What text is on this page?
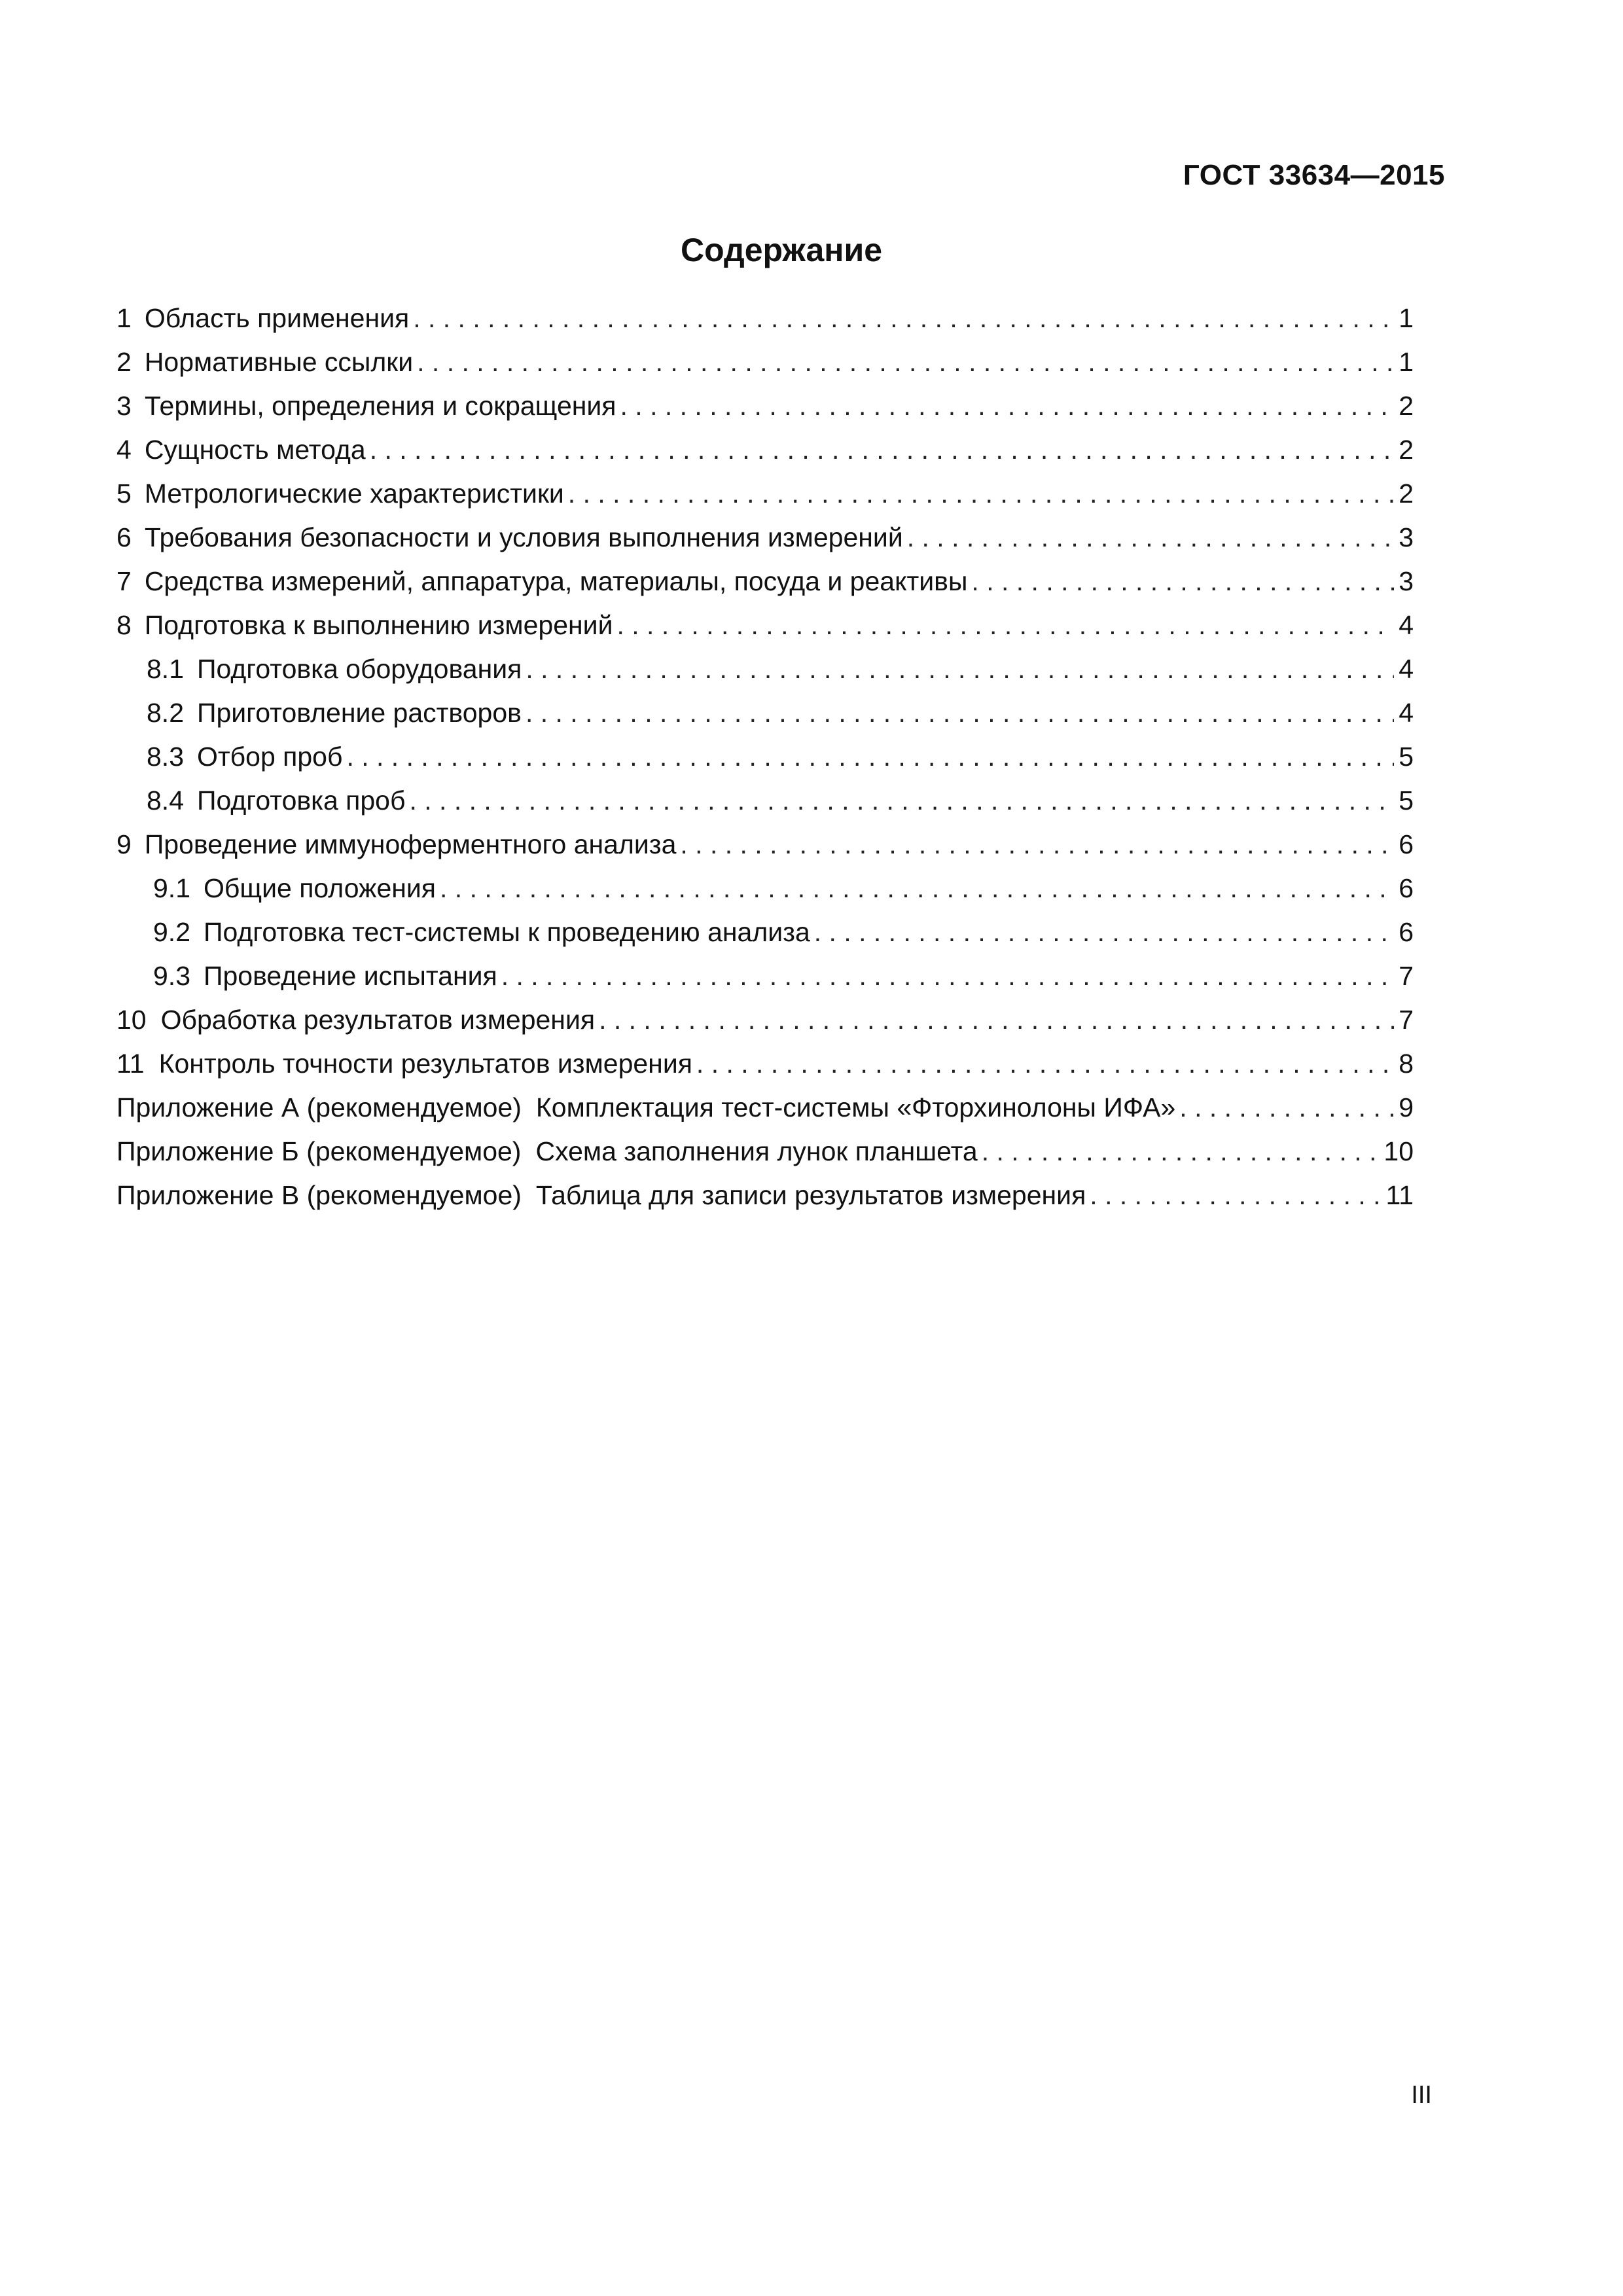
ГОСТ 33634—2015
Содержание
1 Область применения . . .	1
2 Нормативные ссылки . . .	1
3 Термины, определения и сокращения . . .	2
4 Сущность метода . . .	2
5 Метрологические характеристики . . .	2
6 Требования безопасности и условия выполнения измерений . . .	3
7 Средства измерений, аппаратура, материалы, посуда и реактивы . . .	3
8 Подготовка к выполнению измерений . . .	4
8.1 Подготовка оборудования . . .	4
8.2 Приготовление растворов . . .	4
8.3 Отбор проб . . .	5
8.4 Подготовка проб . . .	5
9 Проведение иммуноферментного анализа . . .	6
9.1 Общие положения . . .	6
9.2 Подготовка тест-системы к проведению анализа . . .	6
9.3 Проведение испытания . . .	7
10 Обработка результатов измерения . . .	7
11 Контроль точности результатов измерения . . .	8
Приложение А (рекомендуемое) Комплектация тест-системы «Фторхинолоны ИФА» . . .	9
Приложение Б (рекомендуемое) Схема заполнения лунок планшета . . .	10
Приложение В (рекомендуемое) Таблица для записи результатов измерения . . .	11
III
